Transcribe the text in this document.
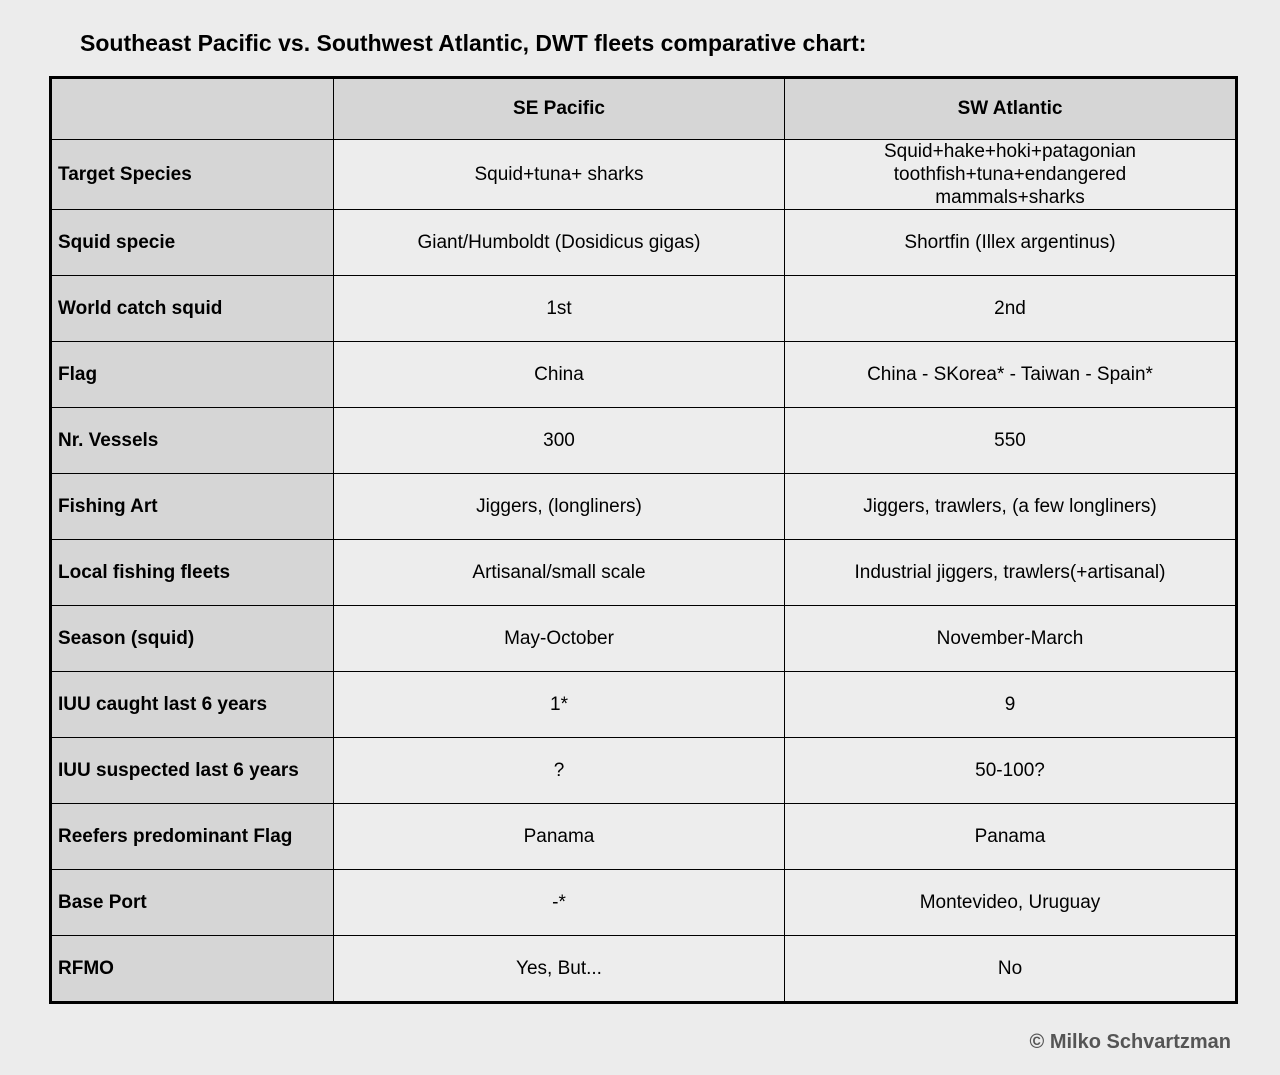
Southeast Pacific vs. Southwest Atlantic, DWT fleets comparative chart:
	SE Pacific	SW Atlantic
Target Species	Squid+tuna+ sharks	Squid+hake+hoki+patagonian toothfish+tuna+endangered mammals+sharks
Squid specie	Giant/Humboldt (Dosidicus gigas)	Shortfin (Illex argentinus)
World catch squid	1st	2nd
Flag	China	China - SKorea* - Taiwan - Spain*
Nr. Vessels	300	550
Fishing Art	Jiggers, (longliners)	Jiggers, trawlers, (a few longliners)
Local fishing fleets	Artisanal/small scale	Industrial jiggers, trawlers(+artisanal)
Season (squid)	May-October	November-March
IUU caught last 6 years	1*	9
IUU suspected last 6 years	?	50-100?
Reefers predominant Flag	Panama	Panama
Base Port	-*	Montevideo, Uruguay
RFMO	Yes, But...	No
© Milko Schvartzman
